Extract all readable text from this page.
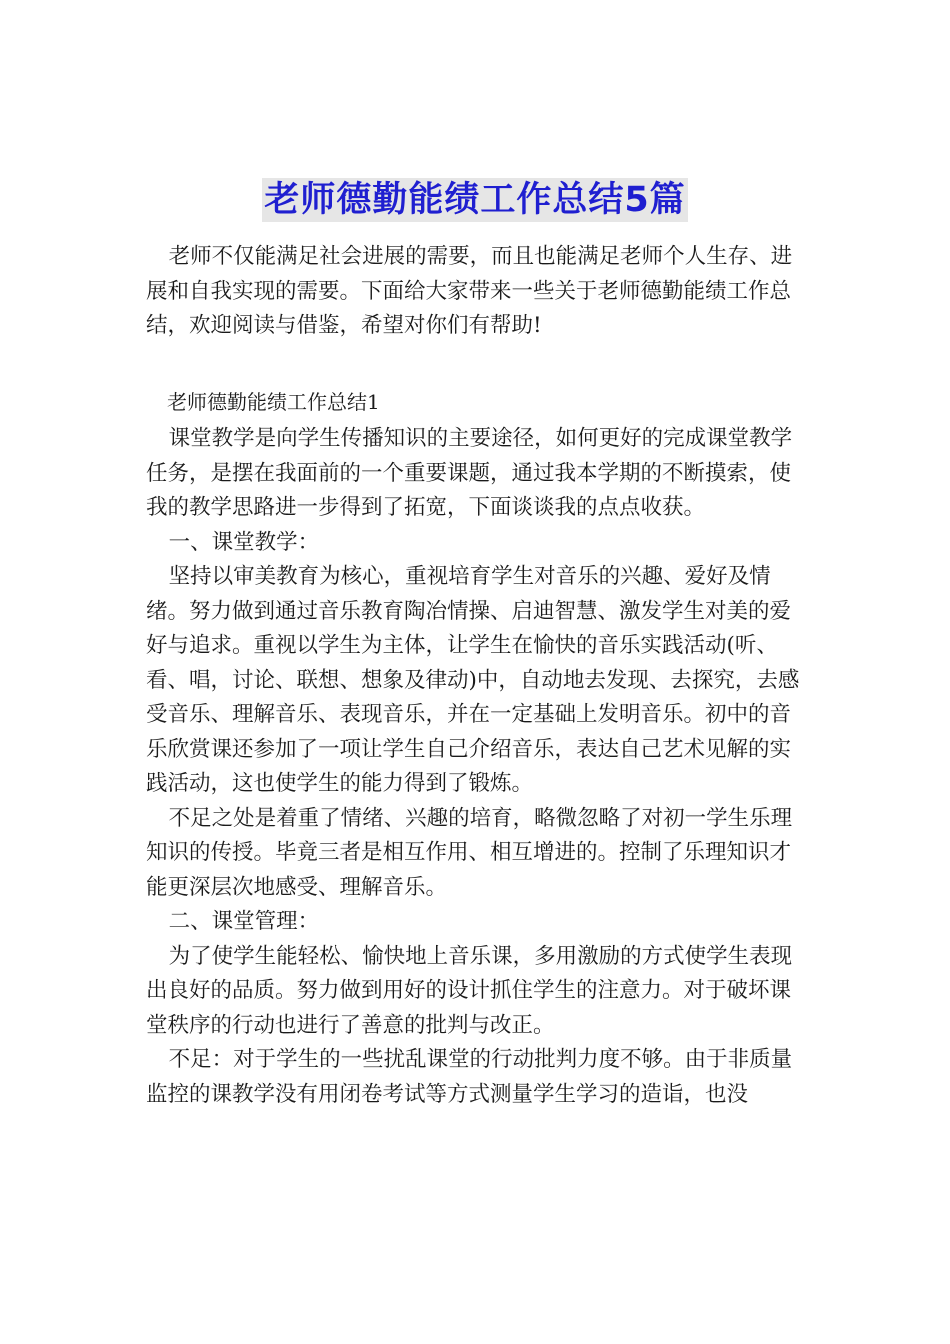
老师德勤能绩工作总结5篇

老师不仅能满足社会进展的需要，而且也能满足老师个人生存、进展和自我实现的需要。下面给大家带来一些关于老师德勤能绩工作总结，欢迎阅读与借鉴，希望对你们有帮助!

老师德勤能绩工作总结1

课堂教学是向学生传播知识的主要途径，如何更好的完成课堂教学任务，是摆在我面前的一个重要课题，通过我本学期的不断摸索，使我的教学思路进一步得到了拓宽，下面谈谈我的点点收获。

一、课堂教学：

坚持以审美教育为核心，重视培育学生对音乐的兴趣、爱好及情绪。努力做到通过音乐教育陶冶情操、启迪智慧、激发学生对美的爱好与追求。重视以学生为主体，让学生在愉快的音乐实践活动(听、看、唱，讨论、联想、想象及律动)中，自动地去发现、去探究，去感受音乐、理解音乐、表现音乐，并在一定基础上发明音乐。初中的音乐欣赏课还参加了一项让学生自己介绍音乐，表达自己艺术见解的实践活动，这也使学生的能力得到了锻炼。

不足之处是着重了情绪、兴趣的培育，略微忽略了对初一学生乐理知识的传授。毕竟三者是相互作用、相互增进的。控制了乐理知识才能更深层次地感受、理解音乐。

二、课堂管理：

为了使学生能轻松、愉快地上音乐课，多用激励的方式使学生表现出良好的品质。努力做到用好的设计抓住学生的注意力。对于破坏课堂秩序的行动也进行了善意的批判与改正。

不足：对于学生的一些扰乱课堂的行动批判力度不够。由于非质量监控的课教学没有用闭卷考试等方式测量学生学习的造诣，也没
